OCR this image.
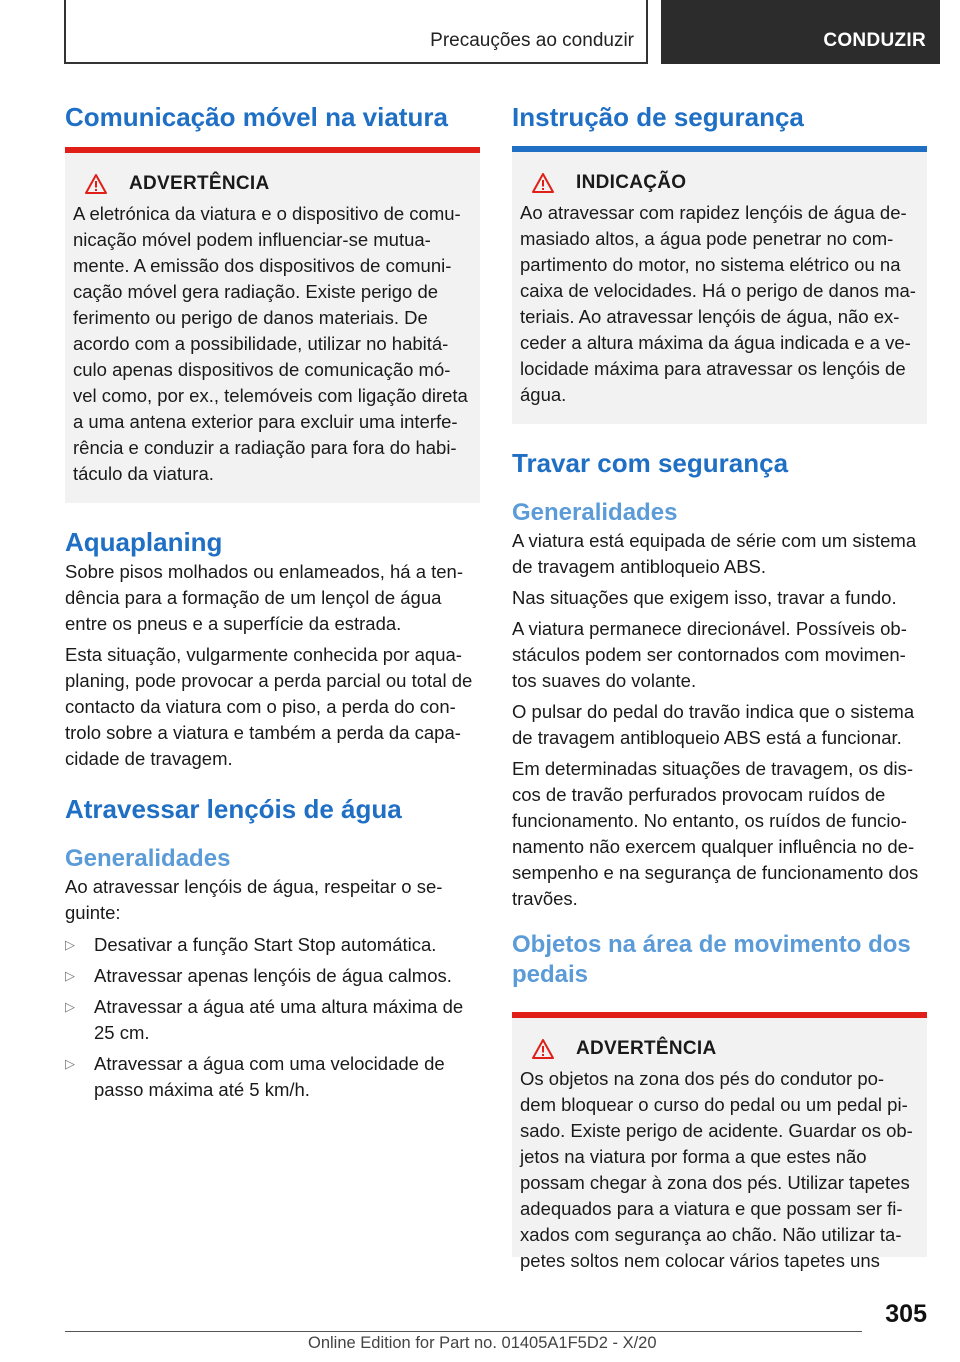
Precauções ao conduzir	CONDUZIR
Comunicação móvel na viatura
ADVERTÊNCIA

A eletrónica da viatura e o dispositivo de comu-nicação móvel podem influenciar-se mutua-mente. A emissão dos dispositivos de comuni-cação móvel gera radiação. Existe perigo de ferimento ou perigo de danos materiais. De acordo com a possibilidade, utilizar no habitá-culo apenas dispositivos de comunicação mó-vel como, por ex., telemóveis com ligação direta a uma antena exterior para excluir uma interfe-rência e conduzir a radiação para fora do habi-táculo da viatura.

Aquaplaning

Sobre pisos molhados ou enlameados, há a ten-dência para a formação de um lençol de água entre os pneus e a superfície da estrada.

Esta situação, vulgarmente conhecida por aqua-planing, pode provocar a perda parcial ou total de contacto da viatura com o piso, a perda do con-trolo sobre a viatura e também a perda da capa-cidade de travagem.

Atravessar lençóis de água
Generalidades

Ao atravessar lençóis de água, respeitar o se-guinte:

▷	Desativar a função Start Stop automática.
▷	Atravessar apenas lençóis de água calmos.
▷	Atravessar a água até uma altura máxima de 25 cm.
▷	Atravessar a água com uma velocidade de passo máxima até 5 km/h.
Instrução de segurança
INDICAÇÃO

Ao atravessar com rapidez lençóis de água de-masiado altos, a água pode penetrar no com-partimento do motor, no sistema elétrico ou na caixa de velocidades. Há o perigo de danos ma-teriais. Ao atravessar lençóis de água, não ex-ceder a altura máxima da água indicada e a ve-locidade máxima para atravessar os lençóis de água.

Travar com segurança
Generalidades

A viatura está equipada de série com um sistema de travagem antibloqueio ABS.

Nas situações que exigem isso, travar a fundo.

A viatura permanece direcionável. Possíveis ob-stáculos podem ser contornados com movimen-tos suaves do volante.

O pulsar do pedal do travão indica que o sistema de travagem antibloqueio ABS está a funcionar.

Em determinadas situações de travagem, os dis-cos de travão perfurados provocam ruídos de funcionamento. No entanto, os ruídos de funcio-namento não exercem qualquer influência no de-sempenho e na segurança de funcionamento dos travões.

Objetos na área de movimento dos pedais
ADVERTÊNCIA

Os objetos na zona dos pés do condutor po-dem bloquear o curso do pedal ou um pedal pi-sado. Existe perigo de acidente. Guardar os ob-jetos na viatura por forma a que estes não possam chegar à zona dos pés. Utilizar tapetes adequados para a viatura e que possam ser fi-xados com segurança ao chão. Não utilizar ta-petes soltos nem colocar vários tapetes uns

305
Online Edition for Part no. 01405A1F5D2 - X/20
